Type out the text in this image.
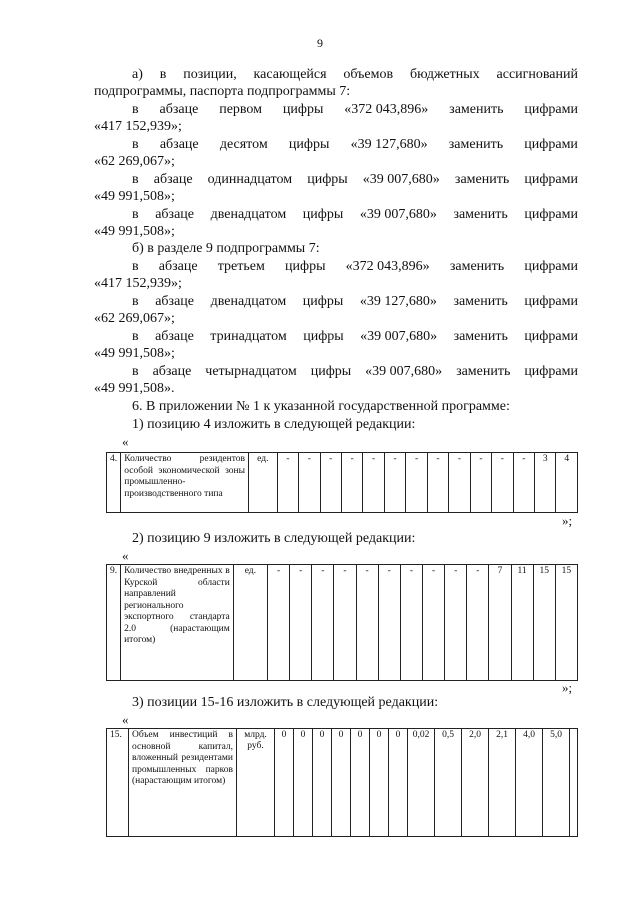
9
а) в позиции, касающейся объемов бюджетных ассигнований
подпрограммы, паспорта подпрограммы 7:
в абзаце первом цифры «372 043,896» заменить цифрами
«417 152,939»;
в абзаце десятом цифры «39 127,680» заменить цифрами
«62 269,067»;
в абзаце одиннадцатом цифры «39 007,680» заменить цифрами
«49 991,508»;
в абзаце двенадцатом цифры «39 007,680» заменить цифрами
«49 991,508»;
б) в разделе 9 подпрограммы 7:
в абзаце третьем цифры «372 043,896» заменить цифрами
«417 152,939»;
в абзаце двенадцатом цифры «39 127,680» заменить цифрами
«62 269,067»;
в абзаце тринадцатом цифры «39 007,680» заменить цифрами
«49 991,508»;
в абзаце четырнадцатом цифры «39 007,680» заменить цифрами
«49 991,508».
6. В приложении № 1 к указанной государственной программе:
1) позицию 4 изложить в следующей редакции:
«
4.	Количество резидентов особой экономической зоны промышленно-производственного типа	ед.	-	-	-	-	-	-	-	-	-	-	-	-	3	4
»;
2) позицию 9 изложить в следующей редакции:
«
9.	Количество внедренных в Курской области направлений регионального экспортного стандарта 2.0 (нарастающим итогом)	ед.	-	-	-	-	-	-	-	-	-	-	7	11	15	15
»;
3) позиции 15-16 изложить в следующей редакции:
«
15.	Объем инвестиций в основной капитал, вложенный резидентами промышленных парков (нарастающим итогом)	млрд. руб.	0	0	0	0	0	0	0	0,02	0,5	2,0	2,1	4,0	5,0	
